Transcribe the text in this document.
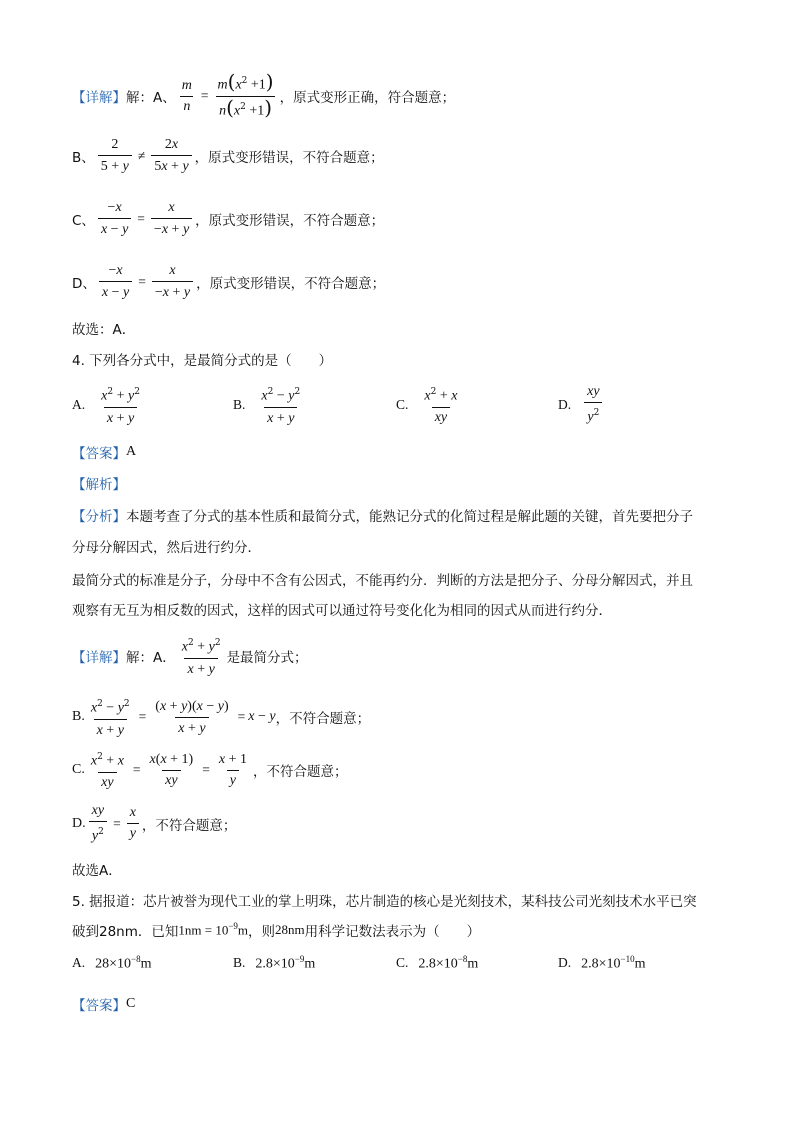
【详解】 解：A、 $\frac{m}{n} = \frac{m(x^2 +1)}{n(x^2 +1)}$ ，原式变形正确，符合题意；
B、 $\frac{2}{5 + y} \ne \frac{2x}{5x + y}$ ，原式变形错误，不符合题意；
C、 $\frac{-x}{x - y} = \frac{x}{-x + y}$ ，原式变形错误，不符合题意；
D、 $\frac{-x}{x - y} = \frac{x}{-x + y}$ ，原式变形错误，不符合题意；
故选：A．
4. 下列各分式中，是最简分式的是（　　）
A. $\frac{x^2 + y^2}{x + y}$	B. $\frac{x^2 - y^2}{x + y}$	C. $\frac{x^2 + x}{xy}$	D. $\frac{xy}{y^2}$
【答案】 A
【解析】
【分析】 本题考查了分式的基本性质和最简分式，能熟记分式的化简过程是解此题的关键，首先要把分子
分母分解因式，然后进行约分．
最简分式的标准是分子，分母中不含有公因式，不能再约分．判断的方法是把分子、分母分解因式，并且
观察有无互为相反数的因式，这样的因式可以通过符号变化化为相同的因式从而进行约分．
【详解】 解：A． $\frac{x^2 + y^2}{x + y}$ 是最简分式；
B. $\frac{x^2 - y^2}{x + y} = \frac{(x + y)(x - y)}{x + y} = x - y$ ，不符合题意；
C. $\frac{x^2 + x}{xy} = \frac{x(x + 1)}{xy} = \frac{x + 1}{y}$ ，不符合题意；
D. $\frac{xy}{y^2} = \frac{x}{y}$ ，不符合题意；
故选A．
5. 据报道：芯片被誉为现代工业的掌上明珠，芯片制造的核心是光刻技术，某科技公司光刻技术水平已突
破到28nm．已知 $1nm = 10^{-9}m$ ，则 28nm 用科学记数法表示为（　　）
A. $28\times 10^{-8}m$	B. $2.8\times 10^{-9}m$	C. $2.8\times 10^{-8}m$	D. $2.8\times 10^{-10}m$
【答案】 C
